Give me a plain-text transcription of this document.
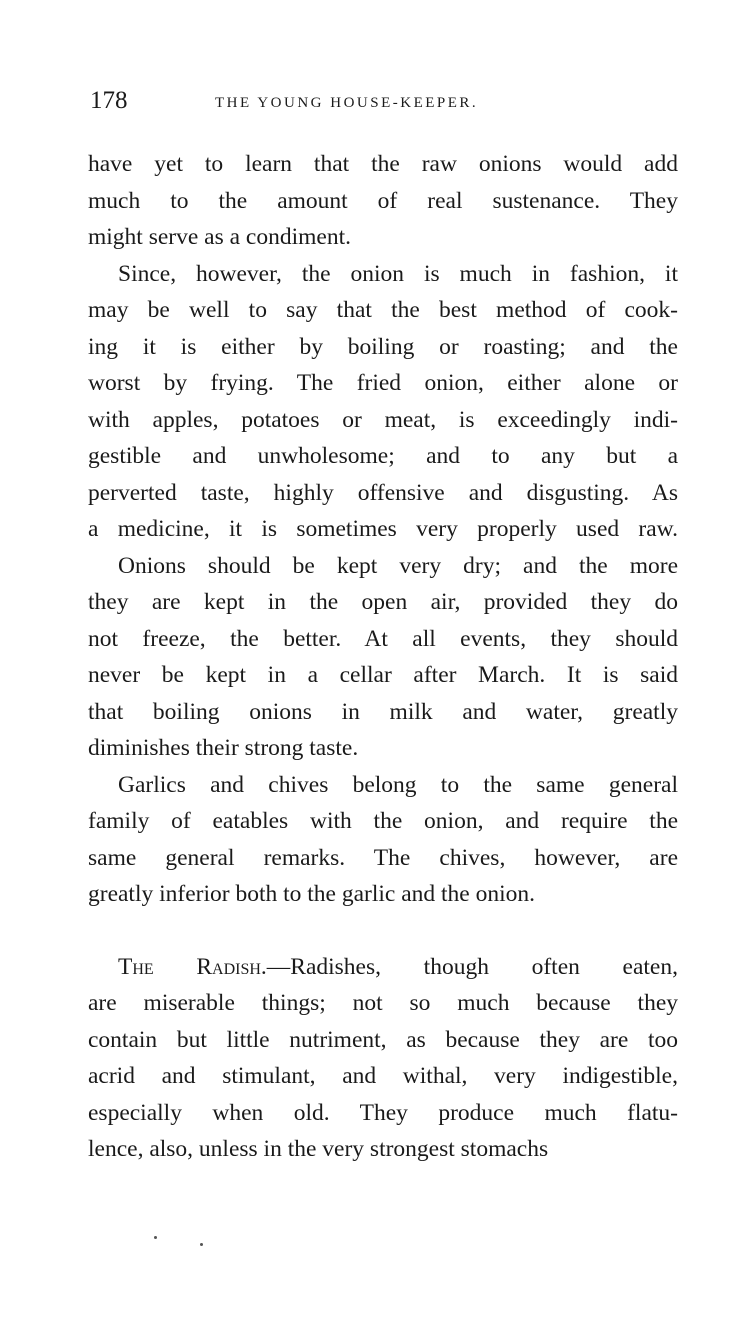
178	THE YOUNG HOUSE-KEEPER.
have yet to learn that the raw onions would add
much to the amount of real sustenance. They
might serve as a condiment.
Since, however, the onion is much in fashion, it
may be well to say that the best method of cook-
ing it is either by boiling or roasting; and the
worst by frying. The fried onion, either alone or
with apples, potatoes or meat, is exceedingly indi-
gestible and unwholesome; and to any but a
perverted taste, highly offensive and disgusting. As
a medicine, it is sometimes very properly used raw.
Onions should be kept very dry; and the more
they are kept in the open air, provided they do
not freeze, the better. At all events, they should
never be kept in a cellar after March. It is said
that boiling onions in milk and water, greatly
diminishes their strong taste.
Garlics and chives belong to the same general
family of eatables with the onion, and require the
same general remarks. The chives, however, are
greatly inferior both to the garlic and the onion.
The Radish.—Radishes, though often eaten,
are miserable things; not so much because they
contain but little nutriment, as because they are too
acrid and stimulant, and withal, very indigestible,
especially when old. They produce much flatu-
lence, also, unless in the very strongest stomachs
